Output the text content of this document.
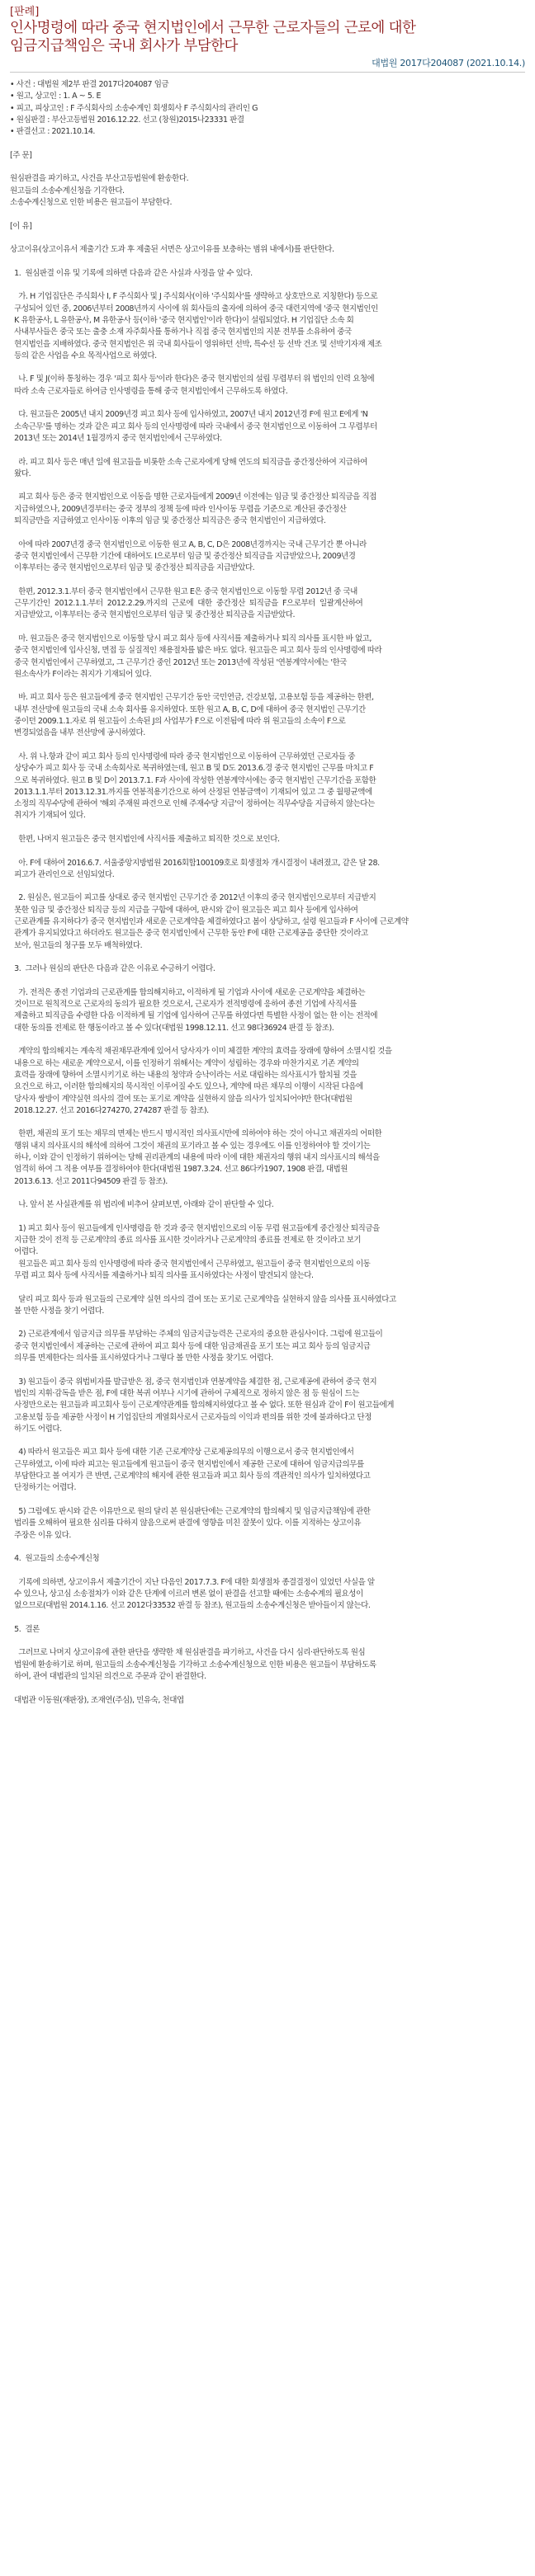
[판례]

인사명령에 따라 중국 현지법인에서 근무한 근로자들의 근로에 대한
임금지급책임은 국내 회사가 부담한다
대법원 2017다204087 (2021.10.14.)

• 사건 : 대법원 제2부 판결 2017다204087 임금

• 원고, 상고인 : 1. A ~ 5. E

• 피고, 피상고인 : F 주식회사의 소송수계인 회생회사 F 주식회사의 관리인 G

• 원심판결 : 부산고등법원 2016.12.22. 선고 (창원)2015나23331 판결

• 판결선고 : 2021.10.14.

[주 문]

원심판결을 파기하고, 사건을 부산고등법원에 환송한다.

원고들의 소송수계신청을 기각한다.

소송수계신청으로 인한 비용은 원고들이 부담한다.

[이 유]

상고이유(상고이유서 제출기간 도과 후 제출된 서면은 상고이유를 보충하는 범위 내에서)를 판단한다.

1.  원심판결 이유 및 기록에 의하면 다음과 같은 사실과 사정을 알 수 있다.

가. H 기업집단은 주식회사 I, F 주식회사 및 J 주식회사(이하 '주식회사'를 생략하고 상호만으로 지칭한다) 등으로

구성되어 있던 중, 2006년부터 2008년까지 사이에 위 회사들의 출자에 의하여 중국 대련지역에 '중국 현지법인인

K 유한공사, L 유한공사, M 유한공사 등(이하 '중국 현지법인'이라 한다)이 설립되었다. H 기업집단 소속 회

사내부사들은 중국 또는 출충 소재 자주회사를 통하거나 직접 중국 현지법인의 지분 전부를 소유하여 중국

현지법인을 지배하였다. 중국 현지법인은 위 국내 회사들이 영위하던 선박, 특수선 등 선박 건조 및 선박기자재 제조

등의 같은 사업을 수요 목적사업으로 하였다.

나. F 및 J(이하 통칭하는 경우 '피고 회사 등'이라 한다)은 중국 현지법인의 설립 무렵부터 위 법인의 인력 요청에

따라 소속 근로자들로 하여금 인사명령을 통해 중국 현지법인에서 근무하도록 하였다.

다. 원고들은 2005년 내지 2009년경 피고 회사 등에 입사하였고, 2007년 내지 2012년경 F에 원고 E에게 'N

소속근무'를 명하는 것과 같은 피고 회사 등의 인사명령에 따라 국내에서 중국 현지법인으로 이동하여 그 무렵부터

2013년 또는 2014년 1월경까지 중국 현지법인에서 근무하였다.

라. 피고 회사 등은 매년 일에 원고들을 비롯한 소속 근로자에게 당해 연도의 퇴직금을 중간정산하여 지급하여

왔다.

피고 회사 등은 중국 현지법인으로 이동을 명한 근로자들에게 2009년 이전에는 임금 및 중간정산 퇴직금을 직접

지급하였으나, 2009년경부터는 중국 정부의 정책 등에 따라 인사이동 무렵을 기준으로 계산된 중간정산

퇴직금만을 지급하였고 인사이동 이후의 임금 및 중간정산 퇴직금은 중국 현지법인이 지급하였다.

아에 따라 2007년경 중국 현지법인으로 이동한 원고 A, B, C, D은 2008년경까지는 국내 근무기간 뿐 아니라

중국 현지법인에서 근무한 기간에 대하여도 I으로부터 임금 및 중간정산 퇴직금을 지급받았으나, 2009년경

이후부터는 중국 현지법인으로부터 임금 및 중간정산 퇴직금을 지급받았다.

한편, 2012.3.1.부터 중국 현지법인에서 근무한 원고 E은 중국 현지법인으로 이동할 무렵 2012년 중 국내

근무기간인  2012.1.1.부터  2012.2.29.까지의  근로에  대한  중간정산  퇴직금을  F으로부터  일괄계산하여

지급받았고, 이후부터는 중국 현지법인으로부터 임금 및 중간정산 퇴직금을 지급받았다.

마. 원고들은 중국 현지법인으로 이동할 당시 피고 회사 등에 사직서를 제출하거나 퇴직 의사를 표시한 바 없고,

중국 현지법인에 입사신청, 면접 등 실질적인 채용절차를 밟은 바도 없다. 원고들은 피고 회사 등의 인사명령에 따라

중국 현지법인에서 근무하였고, 그 근무기간 중인 2012년 또는 2013년에 작성된 '연봉계약서에는 '한국

원소속사가 F이라는 취지가 기재되어 있다.

바. 피고 회사 등은 원고들에게 중국 현지법인 근무기간 동안 국민연금, 건강보험, 고용보험 등을 제공하는 한편,

내부 전산망에 원고들의 국내 소속 회사를 유지하였다. 또한 원고 A, B, C, D에 대하여 중국 현지법인 근무기간

중이던 2009.1.1.자로 위 원고들이 소속된 J의 사업부가 F으로 이전됨에 따라 위 원고들의 소속이 F으로

변경되었음을 내부 전산망에 공시하였다.

사. 위 나.항과 같이 피고 회사 등의 인사명령에 따라 중국 현지법인으로 이동하여 근무하였던 근로자들 중

상당수가 피고 회사 등 국내 소속회사로 복귀하였는데, 원고 B 및 D도 2013.6.경 중국 현지법인 근무를 마치고 F

으로 복귀하였다. 원고 B 및 D이 2013.7.1. F과 사이에 작성한 연봉계약서에는 중국 현지법인 근무기간을 포함한

2013.1.1.부터 2013.12.31.까지를 연봉적용기간으로 하여 산정된 연봉금액이 기재되어 있고 그 중 월평균액에

소정의 직무수당에 관하여 '해외 주재원 파견으로 인해 주재수당 지급'이 정하여는 직무수당을 지급하지 않는다는

취지가 기재되어 있다.

한편, 나머지 원고들은 중국 현지법인에 사직서를 제출하고 퇴직한 것으로 보인다.

아. F에 대하여 2016.6.7. 서울중앙지방법원 2016회합100109호로 회생절차 개시결정이 내려졌고, 같은 달 28.

피고가 관리인으로 선임되었다.

2. 원심은, 원고들이 피고를 상대로 중국 현지법인 근무기간 중 2012년 이후의 중국 현지법인으로부터 지급받지

못한 임금 및 중간정산 퇴직금 등의 지급을 구함에 대하여, 판시와 같이 원고들은 피고 회사 등에게 입사하여

근로관계를 유지하다가 중국 현지법인과 새로운 근로계약을 체결하였다고 봄이 상당하고, 설령 원고들과 F 사이에 근로계약

관계가 유지되었다고 하더라도 원고들은 중국 현지법인에서 근무한 동안 F에 대한 근로제공을 중단한 것이라고

보아, 원고들의 청구를 모두 배척하였다.

3.  그러나 원심의 판단은 다음과 같은 이유로 수긍하기 어렵다.

가. 전적은 종전 기업과의 근로관계를 합의해지하고, 이적하게 될 기업과 사이에 새로운 근로계약을 체결하는

것이므로 원칙적으로 근로자의 동의가 필요한 것으로서, 근로자가 전적명령에 응하여 종전 기업에 사직서를

제출하고 퇴직금을 수령한 다음 이적하게 될 기업에 입사하여 근무를 하였다면 특별한 사정이 없는 한 이는 전적에

대한 동의를 전제로 한 행동이라고 볼 수 있다(대법원 1998.12.11. 선고 98다36924 판결 등 참조).

계약의 합의해지는 계속적 채권채무관계에 있어서 당사자가 이미 체결한 계약의 효력을 장래에 향하여 소멸시킬 것을

내용으로 하는 새로운 계약으로서, 이를 인정하기 위해서는 계약이 성립하는 경우와 마찬가지로 기존 계약의

효력을 장래에 향하여 소멸시키기로 하는 내용의 청약과 승낙이라는 서로 대립하는 의사표시가 합치될 것을

요건으로 하고, 이러한 합의해지의 묵시적인 이루어질 수도 있으나, 계약에 따른 채무의 이행이 시작된 다음에

당사자 쌍방이 계약실현 의사의 결여 또는 포기로 계약을 실현하지 않을 의사가 일치되어야만 한다(대법원

2018.12.27. 선고 2016다274270, 274287 판결 등 참조).

한편, 채권의 포기 또는 채무의 면제는 반드시 명시적인 의사표시만에 의하여야 하는 것이 아니고 채권자의 어떠한

행위 내지 의사표시의 해석에 의하여 그것이 채권의 포기라고 볼 수 있는 경우에도 이를 인정하여야 할 것이기는

하나, 이와 같이 인정하기 위하여는 당해 권리관계의 내용에 따라 이에 대한 채권자의 행위 내지 의사표시의 해석을

엄격히 하여 그 적용 여부를 결정하여야 한다(대법원 1987.3.24. 선고 86다카1907, 1908 판결, 대법원

2013.6.13. 선고 2011다94509 판결 등 참조).

나. 앞서 본 사실관계를 위 법리에 비추어 살펴보면, 아래와 같이 판단할 수 있다.

1) 피고 회사 등이 원고들에게 인사명령을 한 것과 중국 현지법인으로의 이동 무렵 원고들에게 중간정산 퇴직금을

지급한 것이 전적 등 근로계약의 종료 의사를 표시한 것이라거나 근로계약의 종료를 전제로 한 것이라고 보기

어렵다.

원고들은 피고 회사 등의 인사명령에 따라 중국 현지법인에서 근무하였고, 원고들이 중국 현지법인으로의 이동

무렵 피고 회사 등에 사직서를 제출하거나 퇴직 의사를 표시하였다는 사정이 발견되지 않는다.

달리 피고 회사 등과 원고들의 근로계약 실현 의사의 결여 또는 포기로 근로계약을 실현하지 않을 의사를 표시하였다고

볼 만한 사정을 찾기 어렵다.

2) 근로관계에서 임금지급 의무를 부담하는 주체의 임금지급능력은 근로자의 중요한 관심사이다. 그럼에 원고들이

중국 현지법인에서 제공하는 근로에 관하여 피고 회사 등에 대한 임금채권을 포기 또는 피고 회사 등의 임금지급

의무를 면제한다는 의사를 표시하였다거나 그렇다 볼 만한 사정을 찾기도 어렵다.

3) 원고들이 중국 위법비자를 발급받은 점, 중국 현지법인과 연봉계약을 체결한 점, 근로제공에 관하여 중국 현지

법인의 지휘·감독을 받은 점, F에 대한 복귀 여부나 시기에 관하여 구체적으로 정하지 않은 점 등 원심이 드는

사정만으로는 원고들과 피고회사 등이 근로계약관계를 합의해지하였다고 볼 수 없다. 또한 원심과 같이 F이 원고들에게

고용보험 등을 제공한 사정이 H 기업집단의 계열회사로서 근로자들의 이익과 편의를 위한 것에 불과하다고 단정

하기도 어렵다.

4) 따라서 원고들은 피고 회사 등에 대한 기존 근로계약상 근로제공의무의 이행으로서 중국 현지법인에서

근무하였고, 이에 따라 피고는 원고들에게 원고들이 중국 현지법인에서 제공한 근로에 대하여 임금지급의무를

부담한다고 볼 여지가 큰 반면, 근로계약의 해지에 관한 원고들과 피고 회사 등의 객관적인 의사가 일치하였다고

단정하기는 어렵다.

5) 그럼에도 판시와 같은 이유만으로 원의 달리 본 원심판단에는 근로계약의 합의해지 및 임금지급책임에 관한

법리를 오해하여 필요한 심리를 다하지 않음으로써 판결에 영향을 미친 잘못이 있다. 이를 지적하는 상고이유

주장은 이유 있다.

4.  원고들의 소송수계신청

기록에 의하면, 상고이유서 제출기간이 지난 다음인 2017.7.3. F에 대한 회생절차 종결결정이 있었던 사실을 알

수 있으나, 상고심 소송절차가 이와 같은 단계에 이르러 변론 없이 판결을 선고할 때에는 소송수계의 필요성이

없으므로(대법원 2014.1.16. 선고 2012다33532 판결 등 참조), 원고들의 소송수계신청은 받아들이지 않는다.

5.  결론

그러므로 나머지 상고이유에 관한 판단을 생략한 채 원심판결을 파기하고, 사건을 다시 심리·판단하도록 원심

법원에 환송하기로 하며, 원고들의 소송수계신청을 기각하고 소송수계신청으로 인한 비용은 원고들이 부담하도록

하여, 관여 대법관의 일치된 의견으로 주문과 같이 판결한다.

대법관 이동원(재판장), 조재연(주심), 민유숙, 천대엽
